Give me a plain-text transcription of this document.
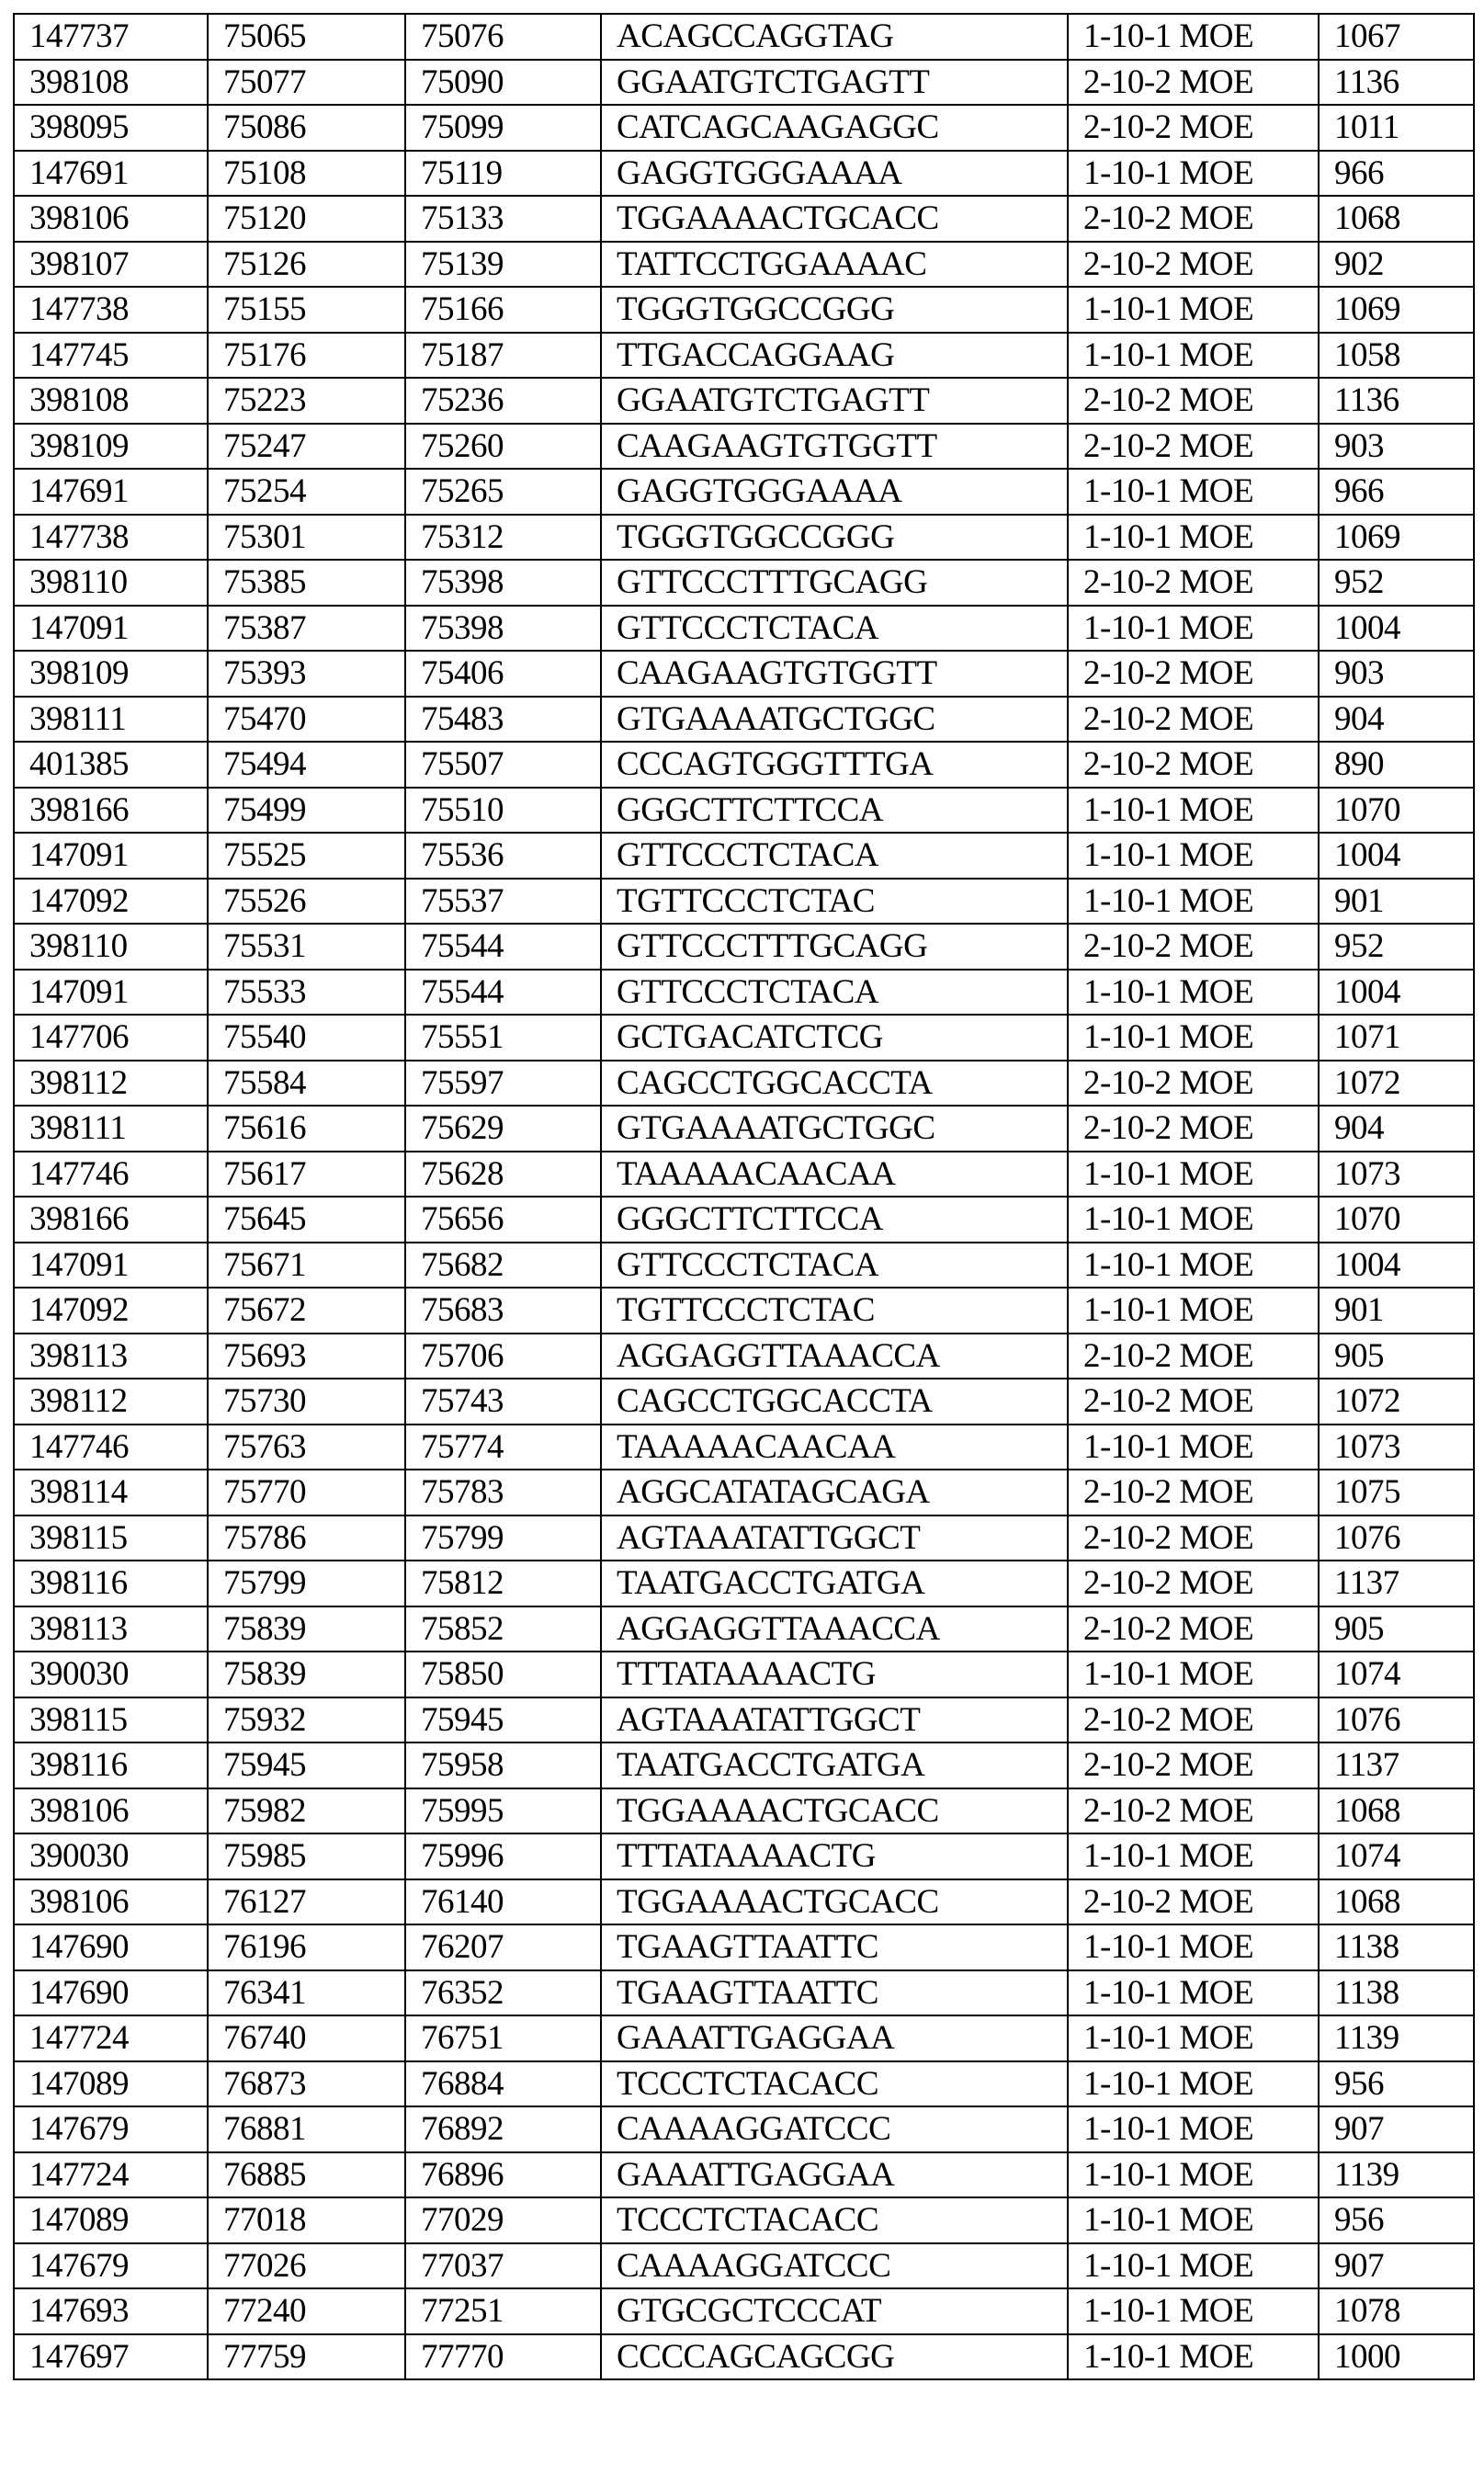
147737	75065	75076	ACAGCCAGGTAG	1-10-1 MOE	1067
398108	75077	75090	GGAATGTCTGAGTT	2-10-2 MOE	1136
398095	75086	75099	CATCAGCAAGAGGC	2-10-2 MOE	1011
147691	75108	75119	GAGGTGGGAAAA	1-10-1 MOE	966
398106	75120	75133	TGGAAAACTGCACC	2-10-2 MOE	1068
398107	75126	75139	TATTCCTGGAAAAC	2-10-2 MOE	902
147738	75155	75166	TGGGTGGCCGGG	1-10-1 MOE	1069
147745	75176	75187	TTGACCAGGAAG	1-10-1 MOE	1058
398108	75223	75236	GGAATGTCTGAGTT	2-10-2 MOE	1136
398109	75247	75260	CAAGAAGTGTGGTT	2-10-2 MOE	903
147691	75254	75265	GAGGTGGGAAAA	1-10-1 MOE	966
147738	75301	75312	TGGGTGGCCGGG	1-10-1 MOE	1069
398110	75385	75398	GTTCCCTTTGCAGG	2-10-2 MOE	952
147091	75387	75398	GTTCCCTCTACA	1-10-1 MOE	1004
398109	75393	75406	CAAGAAGTGTGGTT	2-10-2 MOE	903
398111	75470	75483	GTGAAAATGCTGGC	2-10-2 MOE	904
401385	75494	75507	CCCAGTGGGTTTGA	2-10-2 MOE	890
398166	75499	75510	GGGCTTCTTCCA	1-10-1 MOE	1070
147091	75525	75536	GTTCCCTCTACA	1-10-1 MOE	1004
147092	75526	75537	TGTTCCCTCTAC	1-10-1 MOE	901
398110	75531	75544	GTTCCCTTTGCAGG	2-10-2 MOE	952
147091	75533	75544	GTTCCCTCTACA	1-10-1 MOE	1004
147706	75540	75551	GCTGACATCTCG	1-10-1 MOE	1071
398112	75584	75597	CAGCCTGGCACCTA	2-10-2 MOE	1072
398111	75616	75629	GTGAAAATGCTGGC	2-10-2 MOE	904
147746	75617	75628	TAAAAACAACAA	1-10-1 MOE	1073
398166	75645	75656	GGGCTTCTTCCA	1-10-1 MOE	1070
147091	75671	75682	GTTCCCTCTACA	1-10-1 MOE	1004
147092	75672	75683	TGTTCCCTCTAC	1-10-1 MOE	901
398113	75693	75706	AGGAGGTTAAACCA	2-10-2 MOE	905
398112	75730	75743	CAGCCTGGCACCTA	2-10-2 MOE	1072
147746	75763	75774	TAAAAACAACAA	1-10-1 MOE	1073
398114	75770	75783	AGGCATATAGCAGA	2-10-2 MOE	1075
398115	75786	75799	AGTAAATATTGGCT	2-10-2 MOE	1076
398116	75799	75812	TAATGACCTGATGA	2-10-2 MOE	1137
398113	75839	75852	AGGAGGTTAAACCA	2-10-2 MOE	905
390030	75839	75850	TTTATAAAACTG	1-10-1 MOE	1074
398115	75932	75945	AGTAAATATTGGCT	2-10-2 MOE	1076
398116	75945	75958	TAATGACCTGATGA	2-10-2 MOE	1137
398106	75982	75995	TGGAAAACTGCACC	2-10-2 MOE	1068
390030	75985	75996	TTTATAAAACTG	1-10-1 MOE	1074
398106	76127	76140	TGGAAAACTGCACC	2-10-2 MOE	1068
147690	76196	76207	TGAAGTTAATTC	1-10-1 MOE	1138
147690	76341	76352	TGAAGTTAATTC	1-10-1 MOE	1138
147724	76740	76751	GAAATTGAGGAA	1-10-1 MOE	1139
147089	76873	76884	TCCCTCTACACC	1-10-1 MOE	956
147679	76881	76892	CAAAAGGATCCC	1-10-1 MOE	907
147724	76885	76896	GAAATTGAGGAA	1-10-1 MOE	1139
147089	77018	77029	TCCCTCTACACC	1-10-1 MOE	956
147679	77026	77037	CAAAAGGATCCC	1-10-1 MOE	907
147693	77240	77251	GTGCGCTCCCAT	1-10-1 MOE	1078
147697	77759	77770	CCCCAGCAGCGG	1-10-1 MOE	1000
